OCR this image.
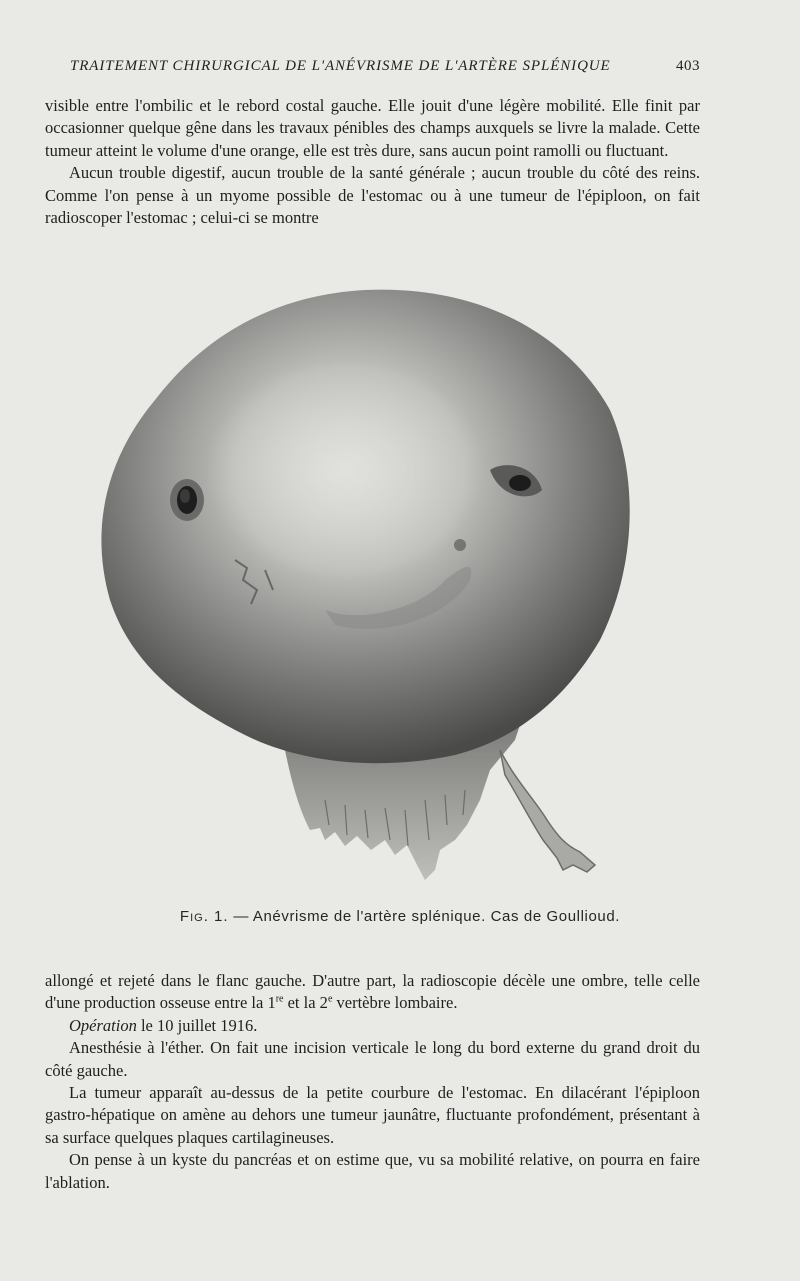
TRAITEMENT CHIRURGICAL DE L'ANÉVRISME DE L'ARTÈRE SPLÉNIQUE	403

visible entre l'ombilic et le rebord costal gauche. Elle jouit d'une légère mobilité. Elle finit par occasionner quelque gêne dans les travaux pénibles des champs auxquels se livre la malade. Cette tumeur atteint le volume d'une orange, elle est très dure, sans aucun point ramolli ou fluctuant.

Aucun trouble digestif, aucun trouble de la santé générale ; aucun trouble du côté des reins. Comme l'on pense à un myome possible de l'estomac ou à une tumeur de l'épiploon, on fait radioscoper l'estomac ; celui-ci se montre

Fig. 1. — Anévrisme de l'artère splénique. Cas de Goullioud.

allongé et rejeté dans le flanc gauche. D'autre part, la radioscopie décèle une ombre, telle celle d'une production osseuse entre la 1re et la 2e vertèbre lombaire.

Opération le 10 juillet 1916.

Anesthésie à l'éther. On fait une incision verticale le long du bord externe du grand droit du côté gauche.

La tumeur apparaît au-dessus de la petite courbure de l'estomac. En dilacérant l'épiploon gastro-hépatique on amène au dehors une tumeur jaunâtre, fluctuante profondément, présentant à sa surface quelques plaques cartilagineuses.

On pense à un kyste du pancréas et on estime que, vu sa mobilité relative, on pourra en faire l'ablation.
